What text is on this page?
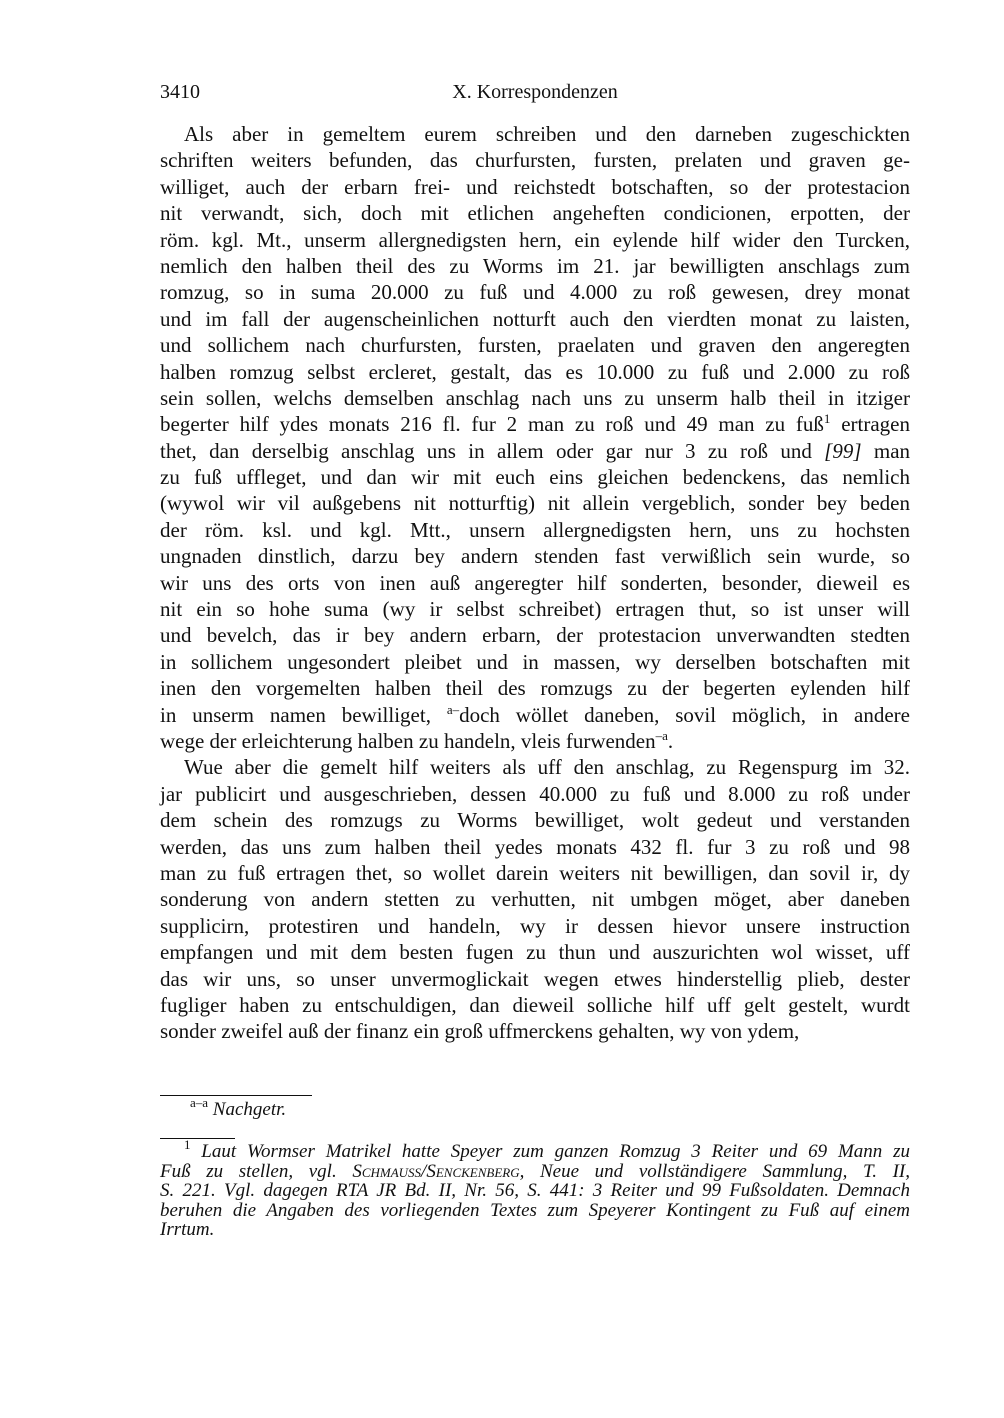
3410	X. Korrespondenzen
Als aber in gemeltem eurem schreiben und den darneben zugeschickten
schriften weiters befunden, das churfursten, fursten, prelaten und graven ge-
williget, auch der erbarn frei- und reichstedt botschaften, so der protestacion
nit verwandt, sich, doch mit etlichen angeheften condicionen, erpotten, der
röm. kgl. Mt., unserm allergnedigsten hern, ein eylende hilf wider den Turcken,
nemlich den halben theil des zu Worms im 21. jar bewilligten anschlags zum
romzug, so in suma 20.000 zu fuß und 4.000 zu roß gewesen, drey monat
und im fall der augenscheinlichen notturft auch den vierdten monat zu laisten,
und sollichem nach churfursten, fursten, praelaten und graven den angeregten
halben romzug selbst ercleret, gestalt, das es 10.000 zu fuß und 2.000 zu roß
sein sollen, welchs demselben anschlag nach uns zu unserm halb theil in itziger
begerter hilf ydes monats 216 fl. fur 2 man zu roß und 49 man zu fuß$^1$ ertragen
thet, dan derselbig anschlag uns in allem oder gar nur 3 zu roß und [99] man
zu fuß uffleget, und dan wir mit euch eins gleichen bedenckens, das nemlich
(wywol wir vil außgebens nit notturftig) nit allein vergeblich, sonder bey beden
der röm. ksl. und kgl. Mtt., unsern allergnedigsten hern, uns zu hochsten
ungnaden dinstlich, darzu bey andern stenden fast verwißlich sein wurde, so
wir uns des orts von inen auß angeregter hilf sonderten, besonder, dieweil es
nit ein so hohe suma (wy ir selbst schreibet) ertragen thut, so ist unser will
und bevelch, das ir bey andern erbarn, der protestacion unverwandten stedten
in sollichem ungesondert pleibet und in massen, wy derselben botschaften mit
inen den vorgemelten halben theil des romzugs zu der begerten eylenden hilf
in unserm namen bewilliget, $^{a-}$doch wöllet daneben, sovil möglich, in andere
wege der erleichterung halben zu handeln, vleis furwenden$^{-a}$.
Wue aber die gemelt hilf weiters als uff den anschlag, zu Regenspurg im 32.
jar publicirt und ausgeschrieben, dessen 40.000 zu fuß und 8.000 zu roß under
dem schein des romzugs zu Worms bewilliget, wolt gedeut und verstanden
werden, das uns zum halben theil yedes monats 432 fl. fur 3 zu roß und 98
man zu fuß ertragen thet, so wollet darein weiters nit bewilligen, dan sovil ir, dy
sonderung von andern stetten zu verhutten, nit umbgen möget, aber daneben
supplicirn, protestiren und handeln, wy ir dessen hievor unsere instruction
empfangen und mit dem besten fugen zu thun und auszurichten wol wisset, uff
das wir uns, so unser unvermoglickait wegen etwes hinderstellig plieb, dester
fugliger haben zu entschuldigen, dan dieweil solliche hilf uff gelt gestelt, wurdt
sonder zweifel auß der finanz ein groß uffmerckens gehalten, wy von ydem,
$^{a-a}$ Nachgetr.
$^1$ Laut Wormser Matrikel hatte Speyer zum ganzen Romzug 3 Reiter und 69 Mann zu
Fuß zu stellen, vgl. Schmauss/Senckenberg, Neue und vollständigere Sammlung, T. II,
S. 221. Vgl. dagegen RTA JR Bd. II, Nr. 56, S. 441: 3 Reiter und 99 Fußsoldaten. Demnach
beruhen die Angaben des vorliegenden Textes zum Speyerer Kontingent zu Fuß auf einem
Irrtum.
